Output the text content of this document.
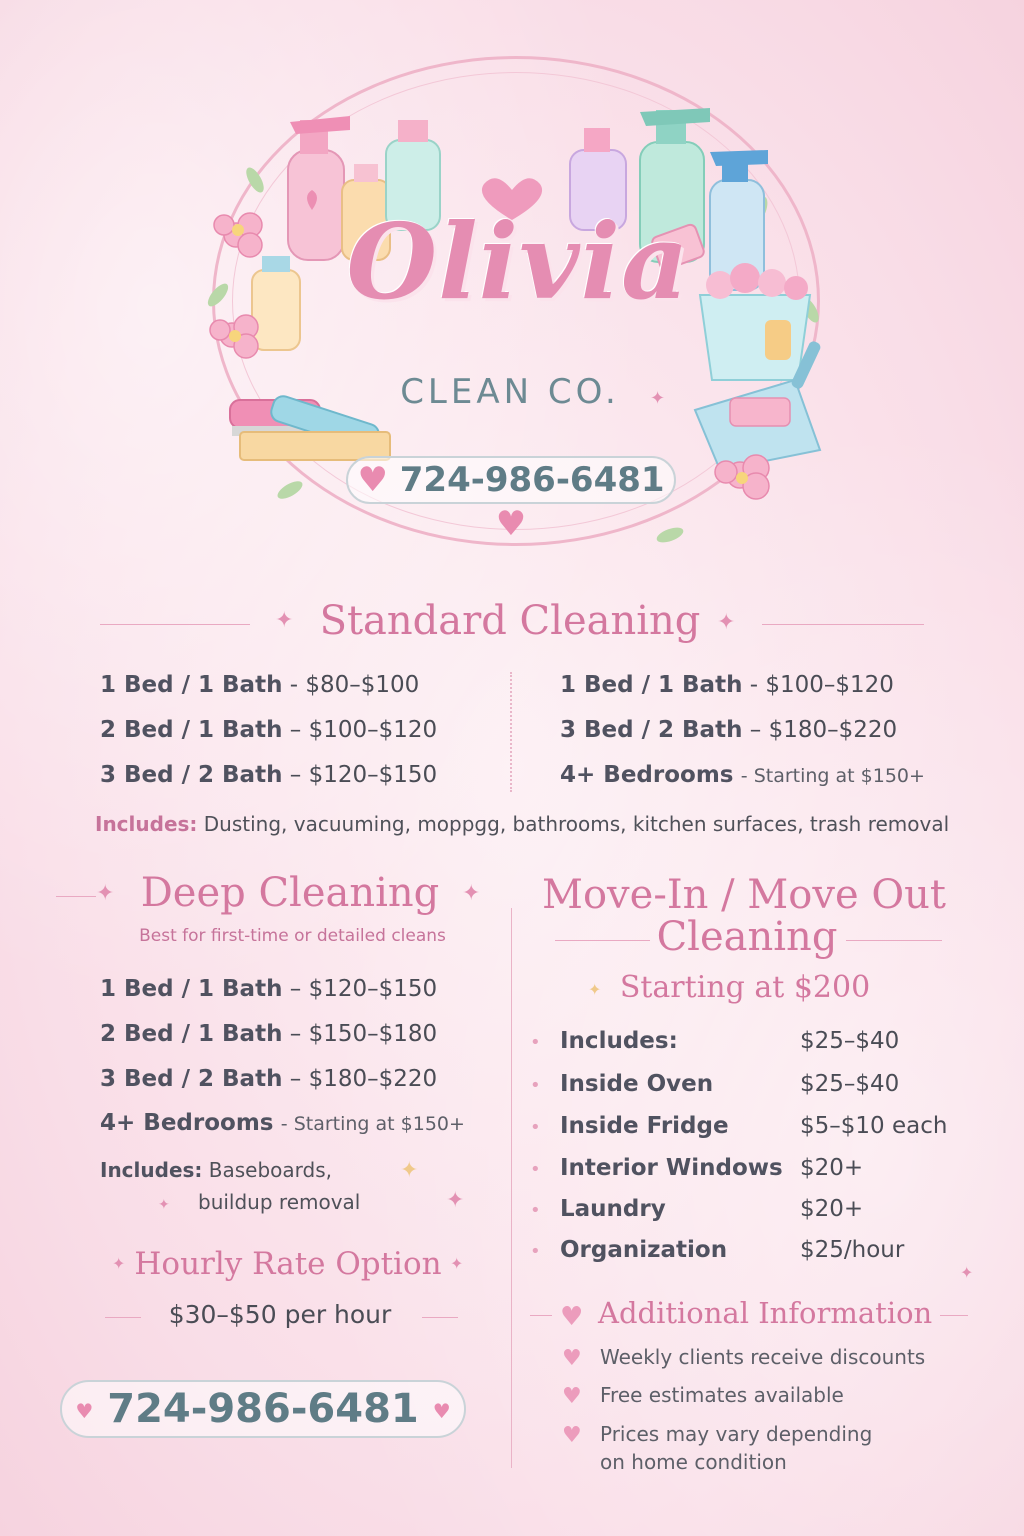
Olivia
CLEAN CO.
♥ 724-986-6481 ♥
✦	✦
✦
✦
✦
✦
✦
Standard Cleaning
1 Bed / 1 Bath - $80–$100
2 Bed / 1 Bath – $100–$120
3 Bed / 2 Bath – $120–$150
1 Bed / 1 Bath - $100–$120
3 Bed / 2 Bath – $180–$220
4+ Bedrooms - Starting at $150+
Includes: Dusting, vacuuming, moppɡg, bathrooms, kitchen surfaces, trash removal
✦	✦
Deep Cleaning
Best for first-time or detailed cleans
1 Bed / 1 Bath – $120–$150
2 Bed / 1 Bath – $150–$180
3 Bed / 2 Bath – $180–$220
4+ Bedrooms - Starting at $150+
Includes: Baseboards,
buildup removal
✦	✦
Hourly Rate Option
$30–$50 per hour
♥ 724-986-6481 ♥
Move-In / Move Out
Cleaning
✦ Starting at $200
• Includes:	$25–$40
• Inside Oven	$25–$40
• Inside Fridge	$5–$10 each
• Interior Windows $20+
• Laundry	$20+
• Organization	$25/hour
♥ Additional Information
♥ Weekly clients receive discounts
♥ Free estimates available
♥ Prices may vary depending
on home condition
